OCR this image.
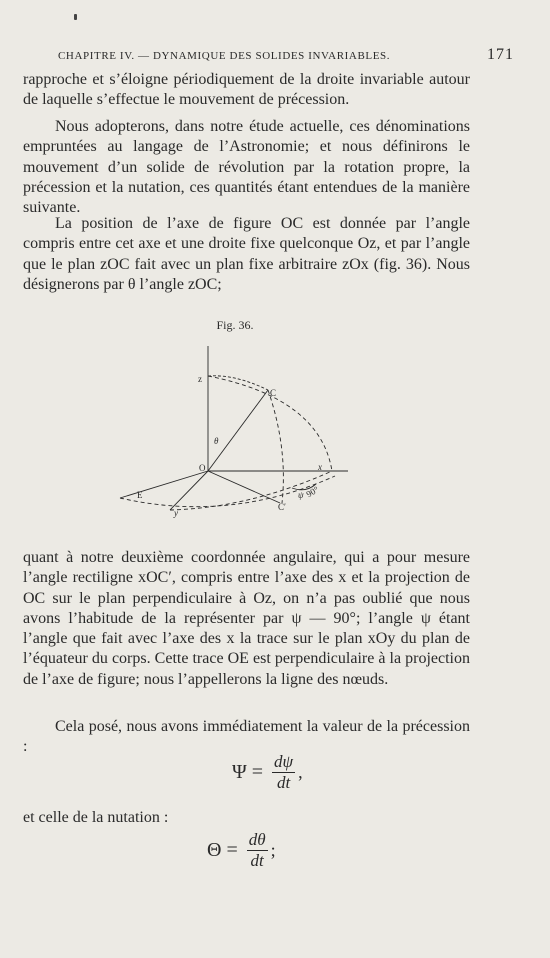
CHAPITRE IV. — DYNAMIQUE DES SOLIDES INVARIABLES.	171

rapproche et s’éloigne périodiquement de la droite invariable autour de laquelle s’effectue le mouvement de précession.

Nous adopterons, dans notre étude actuelle, ces dénominations empruntées au langage de l’Astronomie; et nous définirons le mouvement d’un solide de révolution par la rotation propre, la précession et la nutation, ces quantités étant entendues de la manière suivante.

La position de l’axe de figure OC est donnée par l’angle compris entre cet axe et une droite fixe quelconque Oz, et par l’angle que le plan zOC fait avec un plan fixe arbitraire zOx (fig. 36). Nous désignerons par θ l’angle zOC;

Fig. 36.
z
C
θ
O	x
E
y
C′
ψ 90°

quant à notre deuxième coordonnée angulaire, qui a pour mesure l’angle rectiligne xOC′, compris entre l’axe des x et la projection de OC sur le plan perpendiculaire à Oz, on n’a pas oublié que nous avons l’habitude de la représenter par ψ — 90°; l’angle ψ étant l’angle que fait avec l’axe des x la trace sur le plan xOy du plan de l’équateur du corps. Cette trace OE est perpendiculaire à la projection de l’axe de figure; nous l’appellerons la ligne des nœuds.

Cela posé, nous avons immédiatement la valeur de la précession :

$\Psi = \frac{d\psi}{dt}$ ,

et celle de la nutation :

$\Theta = \frac{d\theta}{dt}$ ;
